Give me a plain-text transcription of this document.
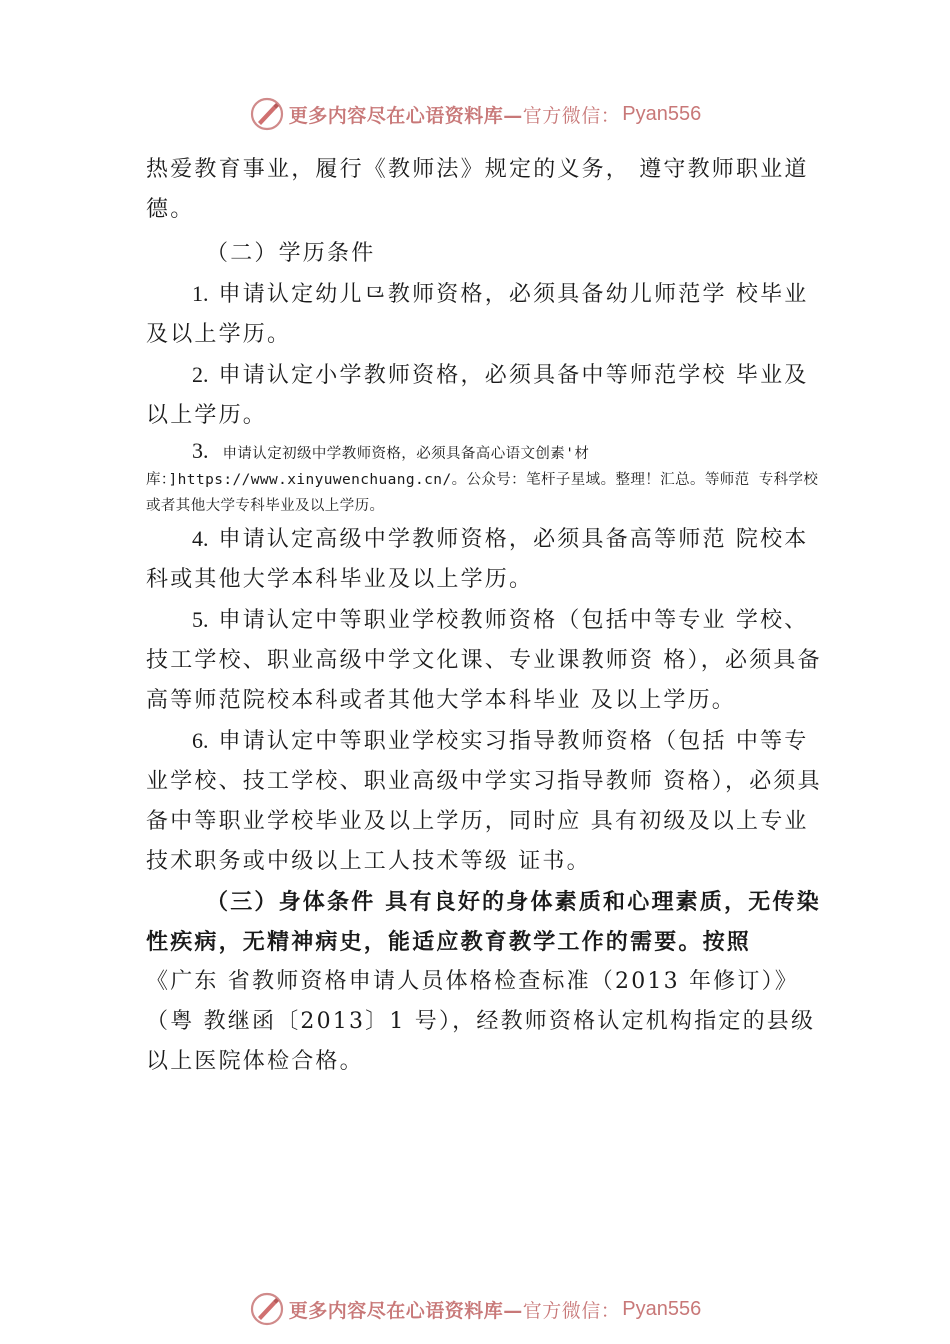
更多内容尽在心语资料库— 官方微信： Pyan556

热爱教育事业，履行《教师法》规定的义务， 遵守教师职业道德。

（二）学历条件

1. 申请认定幼儿⺋教师资格，必须具备幼儿师范学 校毕业及以上学历。

2. 申请认定小学教师资格，必须具备中等师范学校 毕业及以上学历。

3. 申请认定初级中学教师资格，必须具备高心语文创素'材库：]https://www.xinyuwenchuang.cn/。公众号：笔杆子星域。整理！汇总。等师范 专科学校或者其他大学专科毕业及以上学历。

4. 申请认定高级中学教师资格，必须具备高等师范 院校本科或其他大学本科毕业及以上学历。

5. 申请认定中等职业学校教师资格（包括中等专业 学校、技工学校、职业高级中学文化课、专业课教师资 格），必须具备高等师范院校本科或者其他大学本科毕业 及以上学历。

6. 申请认定中等职业学校实习指导教师资格（包括 中等专业学校、技工学校、职业高级中学实习指导教师 资格），必须具备中等职业学校毕业及以上学历，同时应 具有初级及以上专业技术职务或中级以上工人技术等级 证书。

（三）身体条件 具有良好的身体素质和心理素质，无传染性疾病，无精神病史，能适应教育教学工作的需要。按照

《广东 省教师资格申请人员体格检查标准（2013 年修订）》（粤 教继函〔2013〕1 号），经教师资格认定机构指定的县级 以上医院体检合格。

更多内容尽在心语资料库— 官方微信： Pyan556
